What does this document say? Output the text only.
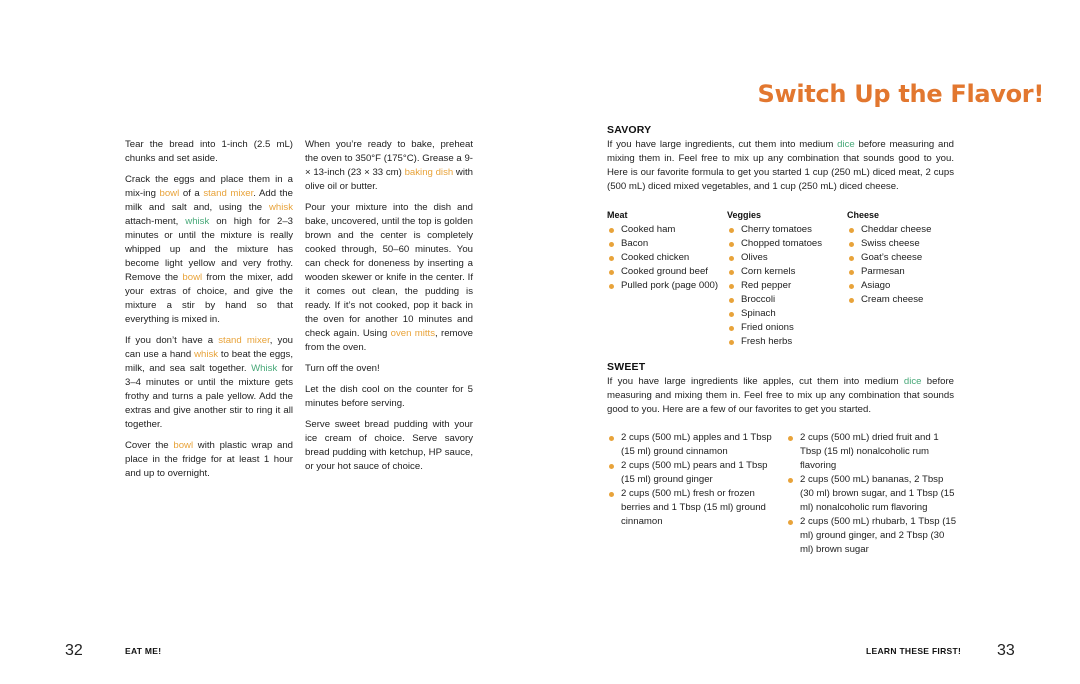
Tear the bread into 1-inch (2.5 mL) chunks and set aside.

Crack the eggs and place them in a mix-ing bowl of a stand mixer. Add the milk and salt and, using the whisk attach-ment, whisk on high for 2–3 minutes or until the mixture is really whipped up and the mixture has become light yellow and very frothy. Remove the bowl from the mixer, add your extras of choice, and give the mixture a stir by hand so that everything is mixed in.

If you don’t have a stand mixer, you can use a hand whisk to beat the eggs, milk, and sea salt together. Whisk for 3–4 minutes or until the mixture gets frothy and turns a pale yellow. Add the extras and give another stir to ring it all together.

Cover the bowl with plastic wrap and place in the fridge for at least 1 hour and up to overnight.

When you’re ready to bake, preheat the oven to 350°F (175°C). Grease a 9- × 13-inch (23 × 33 cm) baking dish with olive oil or butter.

Pour your mixture into the dish and bake, uncovered, until the top is golden brown and the center is completely cooked through, 50–60 minutes. You can check for doneness by inserting a wooden skewer or knife in the center. If it comes out clean, the pudding is ready. If it’s not cooked, pop it back in the oven for another 10 minutes and check again. Using oven mitts, remove from the oven.

Turn off the oven!

Let the dish cool on the counter for 5 minutes before serving.

Serve sweet bread pudding with your ice cream of choice. Serve savory bread pudding with ketchup, HP sauce, or your hot sauce of choice.

32	EAT ME!
Switch Up the Flavor!
SAVORY
If you have large ingredients, cut them into medium dice before measuring and mixing them in. Feel free to mix up any combination that sounds good to you. Here is our favorite formula to get you started 1 cup (250 mL) diced meat, 2 cups (500 mL) diced mixed vegetables, and 1 cup (250 mL) diced cheese.
Meat
Cooked ham
Bacon
Cooked chicken
Cooked ground beef
Pulled pork (page 000)
Veggies
Cherry tomatoes
Chopped tomatoes
Olives
Corn kernels
Red pepper
Broccoli
Spinach
Fried onions
Fresh herbs
Cheese
Cheddar cheese
Swiss cheese
Goat’s cheese
Parmesan
Asiago
Cream cheese
SWEET
If you have large ingredients like apples, cut them into medium dice before measuring and mixing them in. Feel free to mix up any combination that sounds good to you. Here are a few of our favorites to get you started.
2 cups (500 mL) apples and 1 Tbsp (15 ml) ground cinnamon
2 cups (500 mL) pears and 1 Tbsp (15 ml) ground ginger
2 cups (500 mL) fresh or frozen berries and 1 Tbsp (15 ml) ground cinnamon
2 cups (500 mL) dried fruit and 1 Tbsp (15 ml) nonalcoholic rum flavoring
2 cups (500 mL) bananas, 2 Tbsp (30 ml) brown sugar, and 1 Tbsp (15 ml) nonalcoholic rum flavoring
2 cups (500 mL) rhubarb, 1 Tbsp (15 ml) ground ginger, and 2 Tbsp (30 ml) brown sugar
LEARN THESE FIRST! 33
